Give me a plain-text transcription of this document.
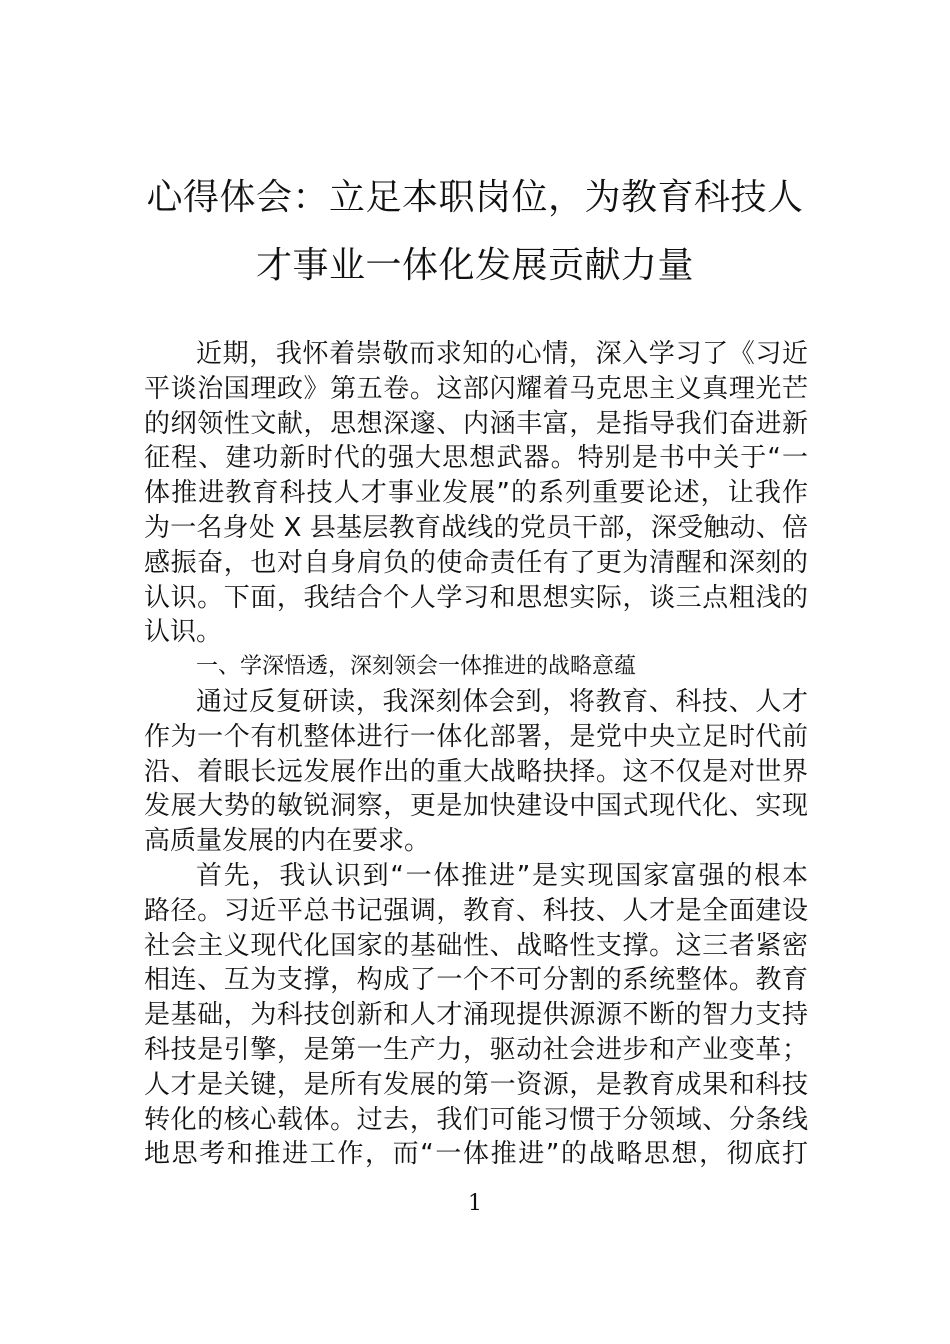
心得体会：立足本职岗位，为教育科技人
才事业一体化发展贡献力量
近期，我怀着崇敬而求知的心情，深入学习了《习近
平谈治国理政》第五卷。这部闪耀着马克思主义真理光芒
的纲领性文献，思想深邃、内涵丰富，是指导我们奋进新
征程、建功新时代的强大思想武器。特别是书中关于“一
体推进教育科技人才事业发展”的系列重要论述，让我作
为一名身处 X 县基层教育战线的党员干部，深受触动、倍
感振奋，也对自身肩负的使命责任有了更为清醒和深刻的
认识。下面，我结合个人学习和思想实际，谈三点粗浅的
认识。
一、学深悟透，深刻领会一体推进的战略意蕴
通过反复研读，我深刻体会到，将教育、科技、人才
作为一个有机整体进行一体化部署，是党中央立足时代前
沿、着眼长远发展作出的重大战略抉择。这不仅是对世界
发展大势的敏锐洞察，更是加快建设中国式现代化、实现
高质量发展的内在要求。
首先，我认识到“一体推进”是实现国家富强的根本
路径。习近平总书记强调，教育、科技、人才是全面建设
社会主义现代化国家的基础性、战略性支撑。这三者紧密
相连、互为支撑，构成了一个不可分割的系统整体。教育
是基础，为科技创新和人才涌现提供源源不断的智力支持
科技是引擎，是第一生产力，驱动社会进步和产业变革；
人才是关键，是所有发展的第一资源，是教育成果和科技
转化的核心载体。过去，我们可能习惯于分领域、分条线
地思考和推进工作，而“一体推进”的战略思想，彻底打
1
